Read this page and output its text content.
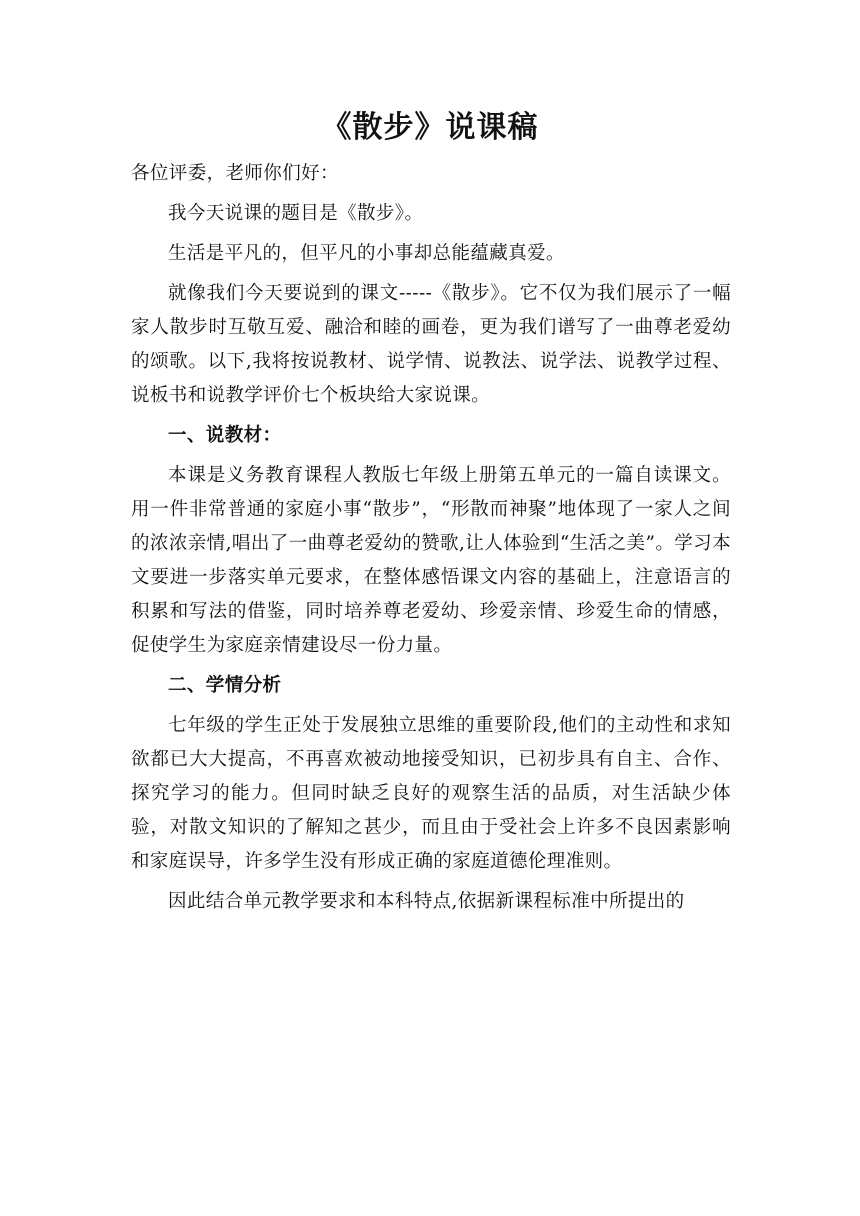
《散步》说课稿

各位评委，老师你们好：

我今天说课的题目是《散步》。

生活是平凡的，但平凡的小事却总能蕴藏真爱。

就像我们今天要说到的课文-----《散步》。它不仅为我们展示了一幅家人散步时互敬互爱、融洽和睦的画卷，更为我们谱写了一曲尊老爱幼的颂歌。以下,我将按说教材、说学情、说教法、说学法、说教学过程、说板书和说教学评价七个板块给大家说课。

一、说教材：

本课是义务教育课程人教版七年级上册第五单元的一篇自读课文。用一件非常普通的家庭小事“散步”，“形散而神聚”地体现了一家人之间的浓浓亲情,唱出了一曲尊老爱幼的赞歌,让人体验到“生活之美”。学习本文要进一步落实单元要求，在整体感悟课文内容的基础上，注意语言的积累和写法的借鉴，同时培养尊老爱幼、珍爱亲情、珍爱生命的情感，促使学生为家庭亲情建设尽一份力量。

二、学情分析

七年级的学生正处于发展独立思维的重要阶段,他们的主动性和求知欲都已大大提高，不再喜欢被动地接受知识，已初步具有自主、合作、探究学习的能力。但同时缺乏良好的观察生活的品质，对生活缺少体验，对散文知识的了解知之甚少，而且由于受社会上许多不良因素影响和家庭误导，许多学生没有形成正确的家庭道德伦理准则。

因此结合单元教学要求和本科特点,依据新课程标准中所提出的
